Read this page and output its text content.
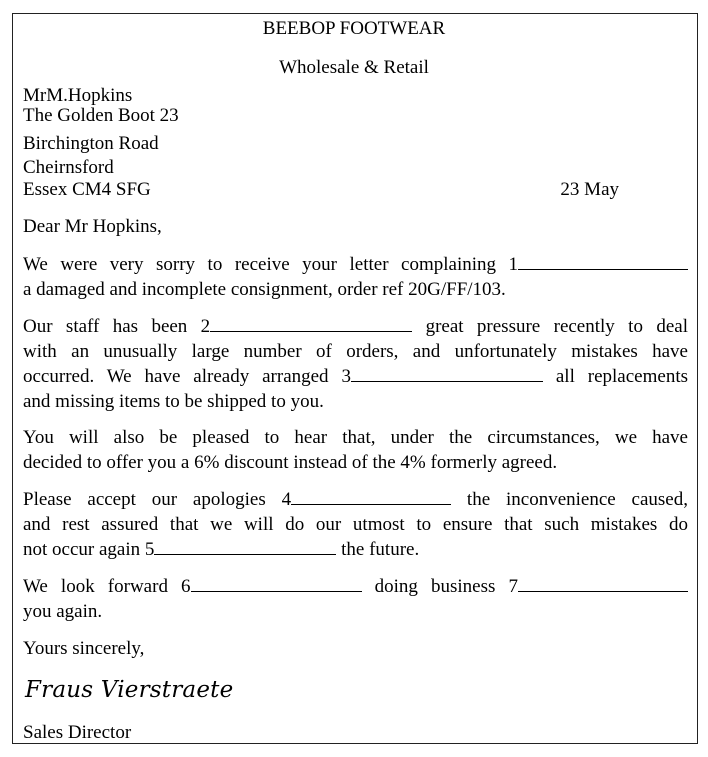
BEEBOP FOOTWEAR
Wholesale & Retail
MrM.Hopkins
The Golden Boot 23
Birchington Road
Cheirnsford
Essex CM4 SFG	23 May
Dear Mr Hopkins,
We were very sorry to receive your letter complaining 1
a damaged and incomplete consignment, order ref 20G/FF/103.
Our staff has been 2	great pressure recently to deal
with an unusually large number of orders, and unfortunately mistakes have
occurred. We have already arranged 3	all replacements
and missing items to be shipped to you.
You will also be pleased to hear that, under the circumstances, we have
decided to offer you a 6% discount instead of the 4% formerly agreed.
Please accept our apologies 4	the inconvenience caused,
and rest assured that we will do our utmost to ensure that such mistakes do
not occur again 5	the future.
We look forward 6	doing business 7
you again.
Yours sincerely,
Fraus Vierstraete
Sales Director
